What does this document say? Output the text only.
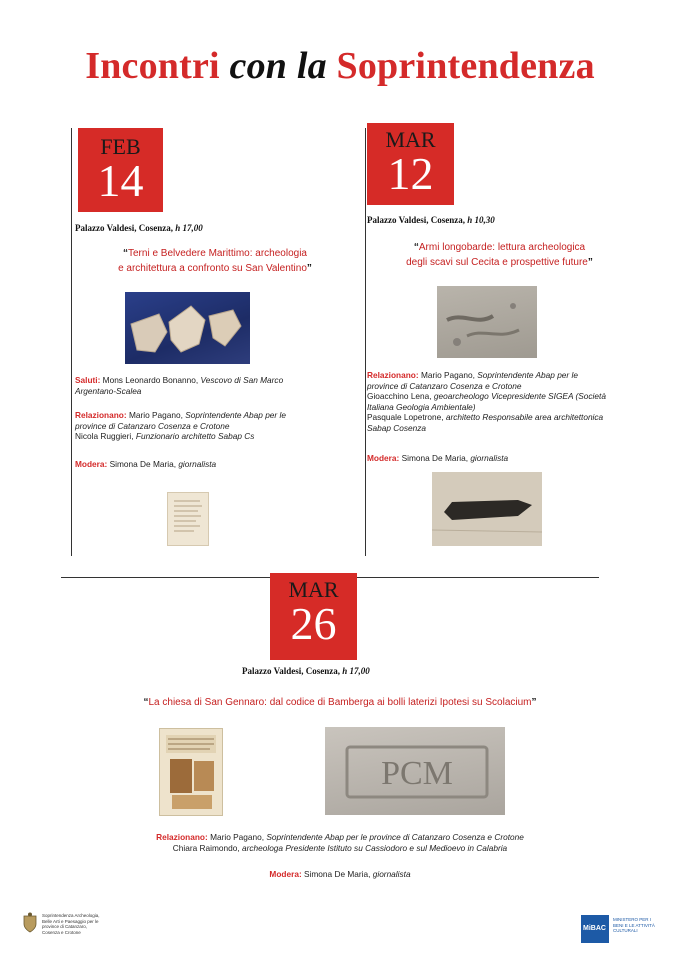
Incontri con la Soprintendenza
FEB
14
Palazzo Valdesi, Cosenza, h 17,00
“Terni e Belvedere Marittimo: archeologia
e architettura a confronto su San Valentino”
Saluti: Mons Leonardo Bonanno, Vescovo di San Marco Argentano-Scalea
Relazionano: Mario Pagano, Soprintendente Abap per le province di Catanzaro Cosenza e Crotone
Nicola Ruggieri, Funzionario architetto Sabap Cs
Modera: Simona De Maria, giornalista
MAR
12
Palazzo Valdesi, Cosenza, h 10,30
“Armi longobarde: lettura archeologica
degli scavi sul Cecita e prospettive future”
Relazionano: Mario Pagano, Soprintendente Abap per le province di Catanzaro Cosenza e Crotone
Gioacchino Lena, geoarcheologo Vicepresidente SIGEA (Società Italiana Geologia Ambientale)
Pasquale Lopetrone, architetto Responsabile area architettonica Sabap Cosenza
Modera: Simona De Maria, giornalista
MAR
26
Palazzo Valdesi, Cosenza, h 17,00
“La chiesa di San Gennaro: dal codice di Bamberga ai bolli laterizi Ipotesi su Scolacium”
PCM
Relazionano: Mario Pagano, Soprintendente Abap per le province di Catanzaro Cosenza e Crotone
Chiara Raimondo, archeologa Presidente Istituto su Cassiodoro e sul Medioevo in Calabria
Modera: Simona De Maria, giornalista
Soprintendenza Archeologia, Belle Arti e Paesaggio per le province di Catanzaro, Cosenza e Crotone	MiBAC
MINISTERO PER I BENI E LE ATTIVITÀ CULTURALI
